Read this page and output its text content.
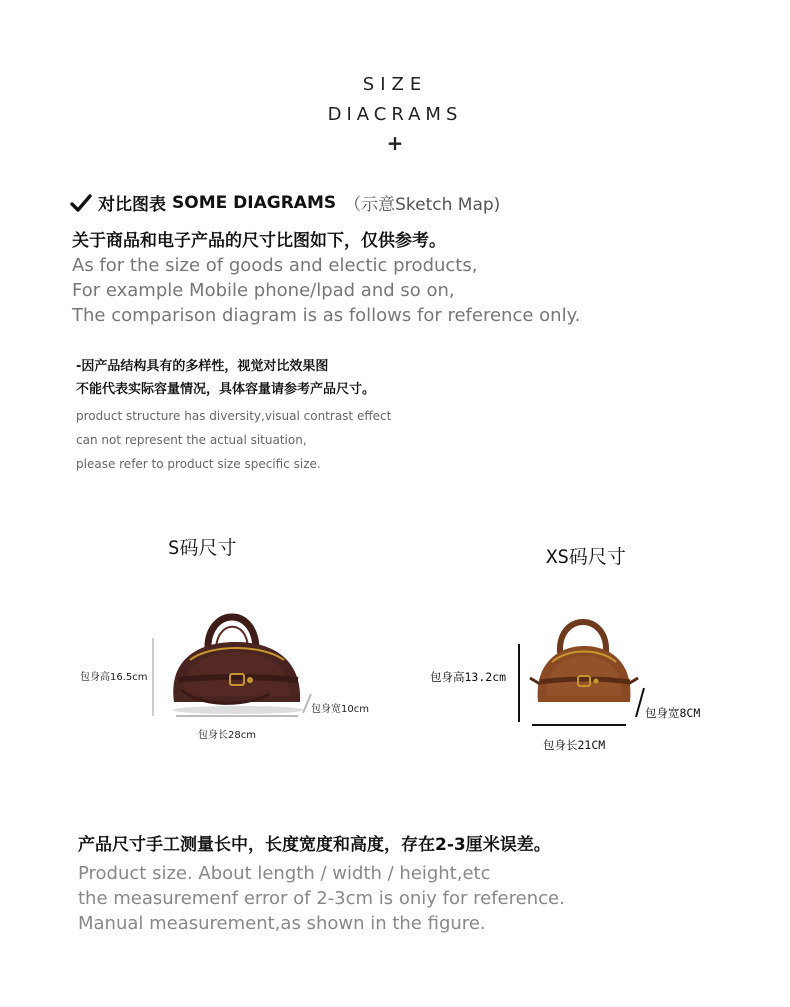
SIZE
DIACRAMS
+
对比图表 SOME DIAGRAMS （示意Sketch Map)
关于商品和电子产品的尺寸比图如下，仅供参考。
As for the size of goods and electic products,
For example Mobile phone/lpad and so on,
The comparison diagram is as follows for reference only.
-因产品结构具有的多样性，视觉对比效果图
不能代表实际容量情况，具体容量请参考产品尺寸。
product structure has diversity,visual contrast effect
can not represent the actual situation,
please refer to product size specific size.
S码尺寸	XS码尺寸
包身高16.5cm
包身长28cm
包身宽10cm
包身高13.2cm
包身长21CM
包身宽8CM
产品尺寸手工测量长中，长度宽度和高度，存在2-3厘米误差。
Product size. About length / width / height,etc
the measuremenf error of 2-3cm is oniy for reference.
Manual measurement,as shown in the figure.
